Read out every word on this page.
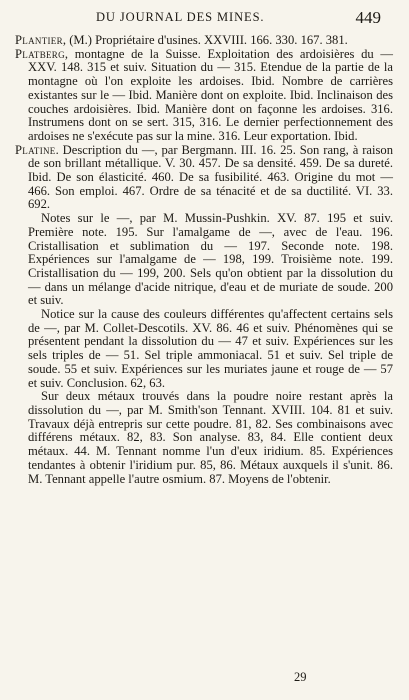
DU JOURNAL DES MINES.	449

Plantier, (M.) Propriétaire d'usines. XXVIII. 166. 330. 167. 381.

Platberg, montagne de la Suisse. Exploitation des ardoisières du — XXV. 148. 315 et suiv. Situation du — 315. Etendue de la partie de la montagne où l'on exploite les ardoises. Ibid. Nombre de carrières existantes sur le — Ibid. Manière dont on exploite. Ibid. Inclinaison des couches ardoisières. Ibid. Manière dont on façonne les ardoises. 316. Instrumens dont on se sert. 315, 316. Le dernier perfectionnement des ardoises ne s'exécute pas sur la mine. 316. Leur exportation. Ibid.

Platine. Description du —, par Bergmann. III. 16. 25. Son rang, à raison de son brillant métallique. V. 30. 457. De sa densité. 459. De sa dureté. Ibid. De son élasticité. 460. De sa fusibilité. 463. Origine du mot — 466. Son emploi. 467. Ordre de sa ténacité et de sa ductilité. VI. 33. 692.

Notes sur le —, par M. Mussin-Pushkin. XV. 87. 195 et suiv. Première note. 195. Sur l'amalgame de —, avec de l'eau. 196. Cristallisation et sublimation du — 197. Seconde note. 198. Expériences sur l'amalgame de — 198, 199. Troisième note. 199. Cristallisation du — 199, 200. Sels qu'on obtient par la dissolution du — dans un mélange d'acide nitrique, d'eau et de muriate de soude. 200 et suiv.

Notice sur la cause des couleurs différentes qu'affectent certains sels de —, par M. Collet-Descotils. XV. 86. 46 et suiv. Phénomènes qui se présentent pendant la dissolution du — 47 et suiv. Expériences sur les sels triples de — 51. Sel triple ammoniacal. 51 et suiv. Sel triple de soude. 55 et suiv. Expériences sur les muriates jaune et rouge de — 57 et suiv. Conclusion. 62, 63.

Sur deux métaux trouvés dans la poudre noire restant après la dissolution du —, par M. Smith'son Tennant. XVIII. 104. 81 et suiv. Travaux déjà entrepris sur cette poudre. 81, 82. Ses combinaisons avec différens métaux. 82, 83. Son analyse. 83, 84. Elle contient deux métaux. 44. M. Tennant nomme l'un d'eux iridium. 85. Expériences tendantes à obtenir l'iridium pur. 85, 86. Métaux auxquels il s'unit. 86. M. Tennant appelle l'autre osmium. 87. Moyens de l'obtenir.

29
